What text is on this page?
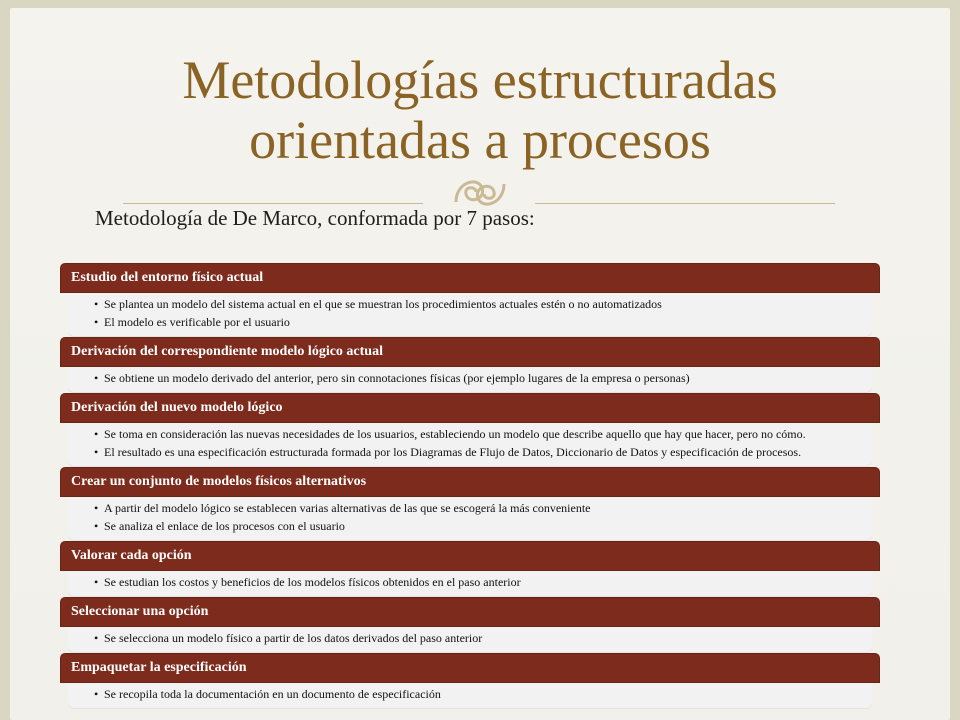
Metodologías estructuradas
orientadas a procesos
Metodología de De Marco, conformada por 7 pasos:
Estudio del entorno físico actual
• Se plantea un modelo del sistema actual en el que se muestran los procedimientos actuales estén o no automatizados
• El modelo es verificable por el usuario
Derivación del correspondiente modelo lógico actual
• Se obtiene un modelo derivado del anterior, pero sin connotaciones físicas (por ejemplo lugares de la empresa o personas)
Derivación del nuevo modelo lógico
• Se toma en consideración las nuevas necesidades de los usuarios, estableciendo un modelo que describe aquello que hay que hacer, pero no cómo.
• El resultado es una especificación estructurada formada por los Diagramas de Flujo de Datos, Diccionario de Datos y especificación de procesos.
Crear un conjunto de modelos físicos alternativos
• A partir del modelo lógico se establecen varias alternativas de las que se escogerá la más conveniente
• Se analiza el enlace de los procesos con el usuario
Valorar cada opción
• Se estudian los costos y beneficios de los modelos físicos obtenidos en el paso anterior
Seleccionar una opción
• Se selecciona un modelo físico a partir de los datos derivados del paso anterior
Empaquetar la especificación
• Se recopila toda la documentación en un documento de especificación
